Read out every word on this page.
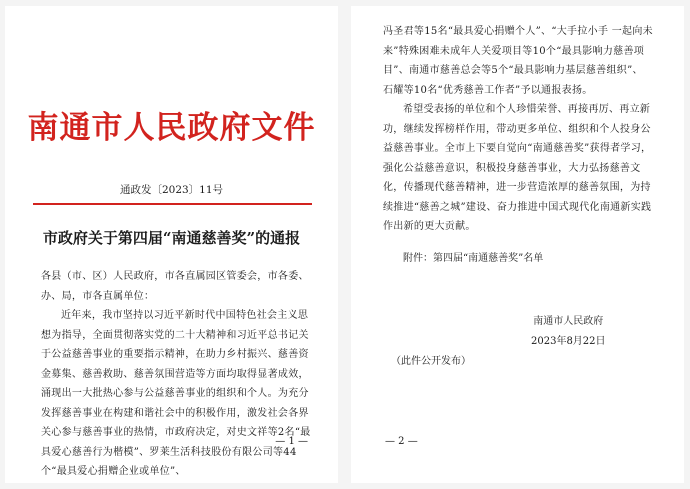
南通市人民政府文件
通政发〔2023〕11号
市政府关于第四届“南通慈善奖”的通报

各县（市、区）人民政府，市各直属园区管委会，市各委、办、局，市各直属单位：

近年来，我市坚持以习近平新时代中国特色社会主义思想为指导，全面贯彻落实党的二十大精神和习近平总书记关于公益慈善事业的重要指示精神，在助力乡村振兴、慈善资金募集、慈善救助、慈善氛围营造等方面均取得显著成效，涌现出一大批热心参与公益慈善事业的组织和个人。为充分发挥慈善事业在构建和谐社会中的积极作用，激发社会各界关心参与慈善事业的热情，市政府决定，对史文祥等2名“最具爱心慈善行为楷模”、罗莱生活科技股份有限公司等44个“最具爱心捐赠企业或单位”、

— 1 —

冯圣君等15名“最具爱心捐赠个人”、“大手拉小手 一起向未来”特殊困难未成年人关爱项目等10个“最具影响力慈善项目”、南通市慈善总会等5个“最具影响力基层慈善组织”、石耀等10名“优秀慈善工作者”予以通报表扬。

希望受表扬的单位和个人珍惜荣誉、再接再厉、再立新功，继续发挥榜样作用，带动更多单位、组织和个人投身公益慈善事业。全市上下要自觉向“南通慈善奖”获得者学习，强化公益慈善意识，积极投身慈善事业，大力弘扬慈善文化，传播现代慈善精神，进一步营造浓厚的慈善氛围，为持续推进“慈善之城”建设、奋力推进中国式现代化南通新实践作出新的更大贡献。

附件：第四届“南通慈善奖”名单
南通市人民政府
2023年8月22日
（此件公开发布）
— 2 —
